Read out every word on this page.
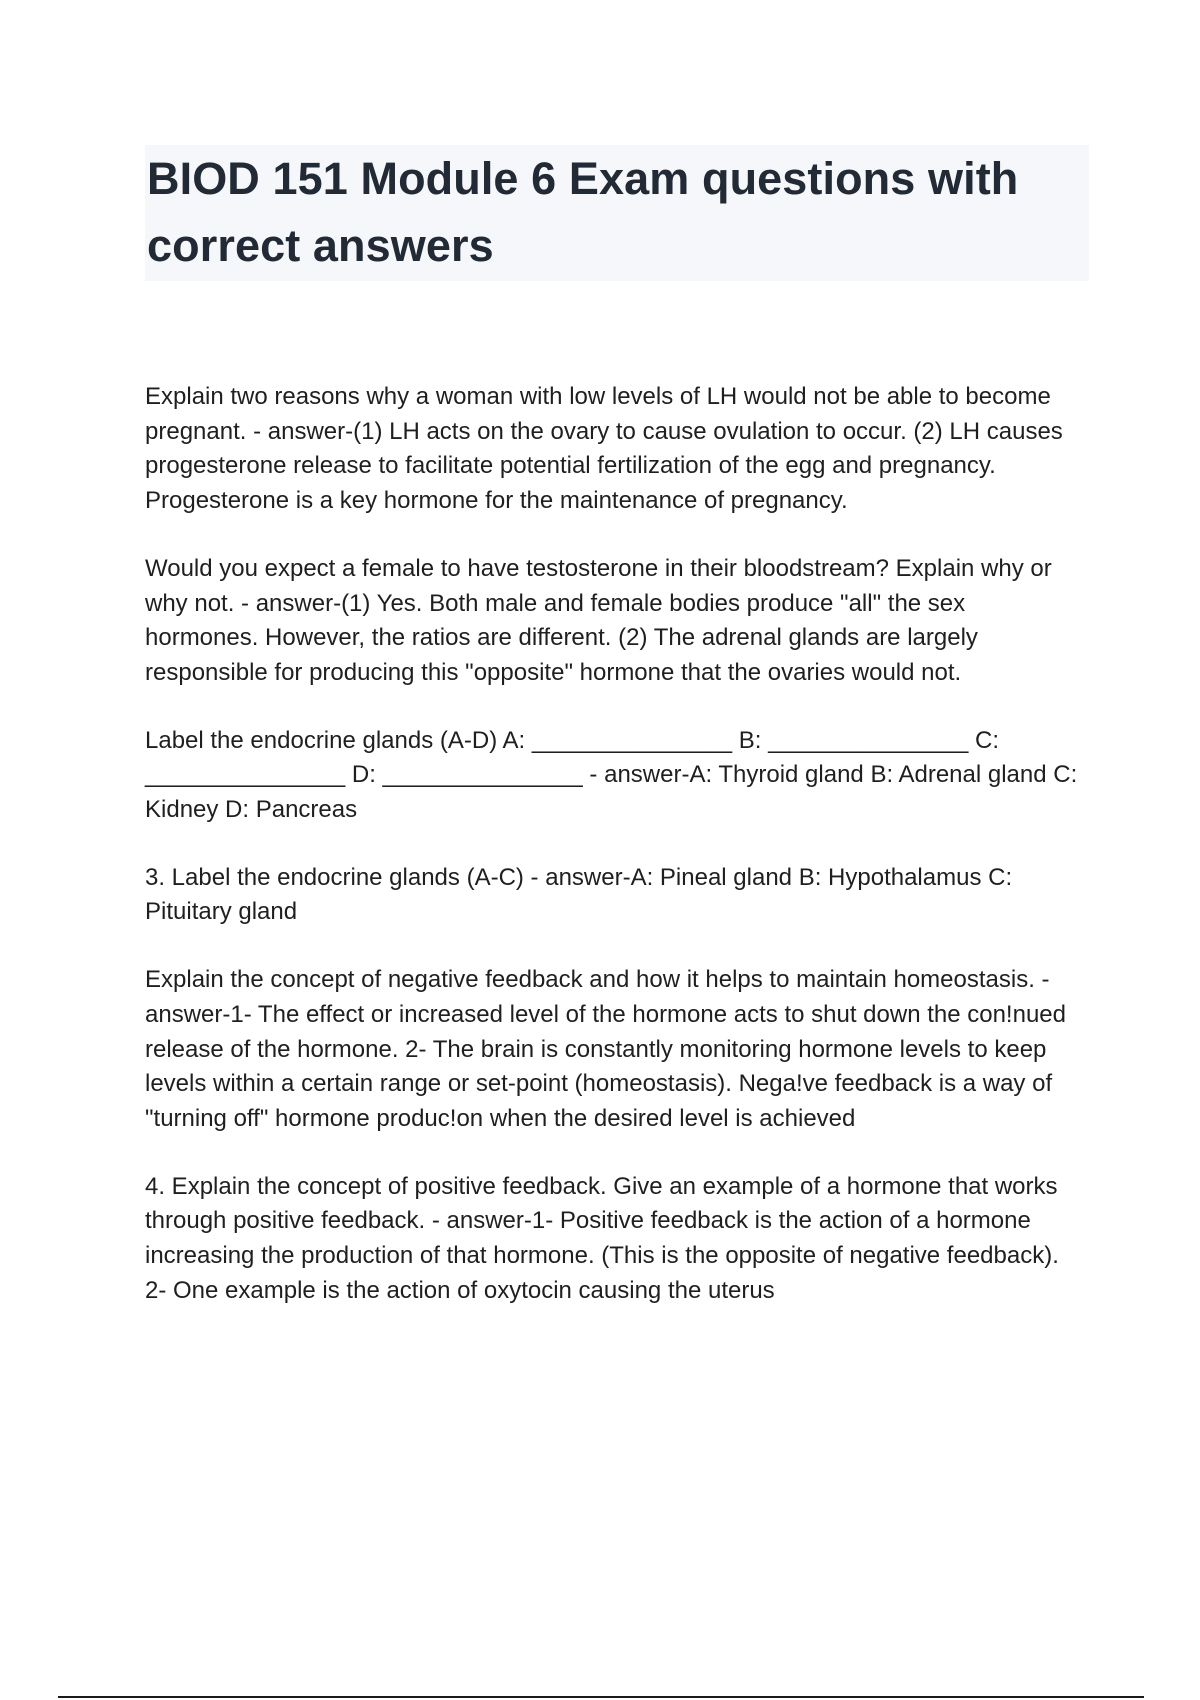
BIOD 151 Module 6 Exam questions with correct answers

Explain two reasons why a woman with low levels of LH would not be able to become pregnant. - answer-(1) LH acts on the ovary to cause ovulation to occur. (2) LH causes progesterone release to facilitate potential fertilization of the egg and pregnancy. Progesterone is a key hormone for the maintenance of pregnancy.

Would you expect a female to have testosterone in their bloodstream? Explain why or why not. - answer-(1) Yes. Both male and female bodies produce "all" the sex hormones. However, the ratios are different. (2) The adrenal glands are largely responsible for producing this "opposite" hormone that the ovaries would not.

Label the endocrine glands (A-D) A: _______________ B: _______________ C: _______________ D: _______________ - answer-A: Thyroid gland B: Adrenal gland C: Kidney D: Pancreas

3. Label the endocrine glands (A-C) - answer-A: Pineal gland B: Hypothalamus C: Pituitary gland

Explain the concept of negative feedback and how it helps to maintain homeostasis. - answer-1- The effect or increased level of the hormone acts to shut down the con!nued release of the hormone. 2- The brain is constantly monitoring hormone levels to keep levels within a certain range or set-point (homeostasis). Nega!ve feedback is a way of "turning off" hormone produc!on when the desired level is achieved

4. Explain the concept of positive feedback. Give an example of a hormone that works through positive feedback. - answer-1- Positive feedback is the action of a hormone increasing the production of that hormone. (This is the opposite of negative feedback). 2- One example is the action of oxytocin causing the uterus
